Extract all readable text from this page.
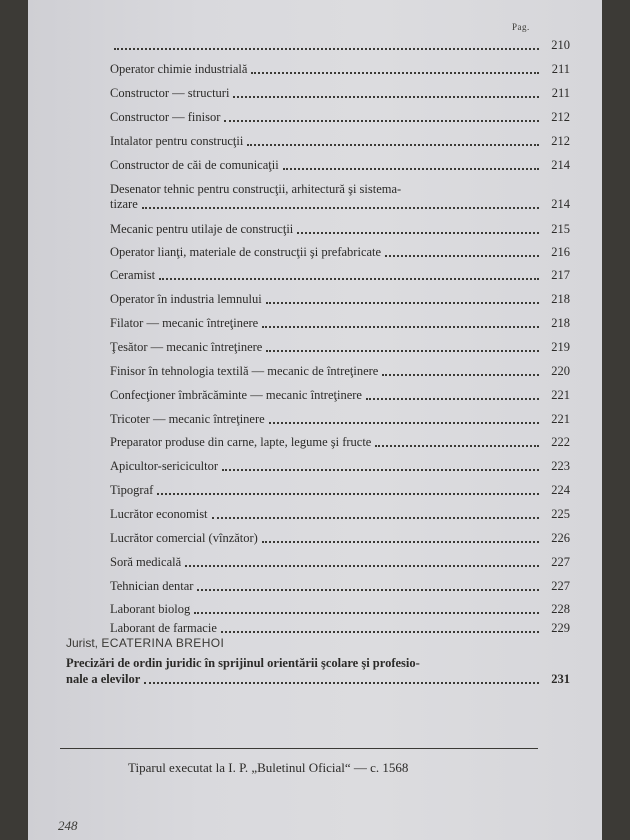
Pag.
210
Operator chimie industrială	211
Constructor — structuri	211
Constructor — finisor	212
Intalator pentru construcţii	212
Constructor de căi de comunicaţii	214
Desenator tehnic pentru construcţii, arhitectură şi sistema-
tizare	214
Mecanic pentru utilaje de construcţii	215
Operator lianţi, materiale de construcţii şi prefabricate	216
Ceramist	217
Operator în industria lemnului	218
Filator — mecanic întreţinere	218
Ţesător — mecanic întreţinere	219
Finisor în tehnologia textilă — mecanic de întreţinere	220
Confecţioner îmbrăcăminte — mecanic întreţinere	221
Tricoter — mecanic întreţinere	221
Preparator produse din carne, lapte, legume şi fructe	222
Apicultor-sericicultor	223
Tipograf	224
Lucrător economist	225
Lucrător comercial (vînzător)	226
Soră medicală	227
Tehnician dentar	227
Laborant biolog	228
Laborant de farmacie	229
Jurist, ECATERINA BREHOI
Precizări de ordin juridic în sprijinul orientării şcolare şi profesio-
nale a elevilor	231
Tiparul executat la I. P. „Buletinul Oficial“ — c. 1568
248
